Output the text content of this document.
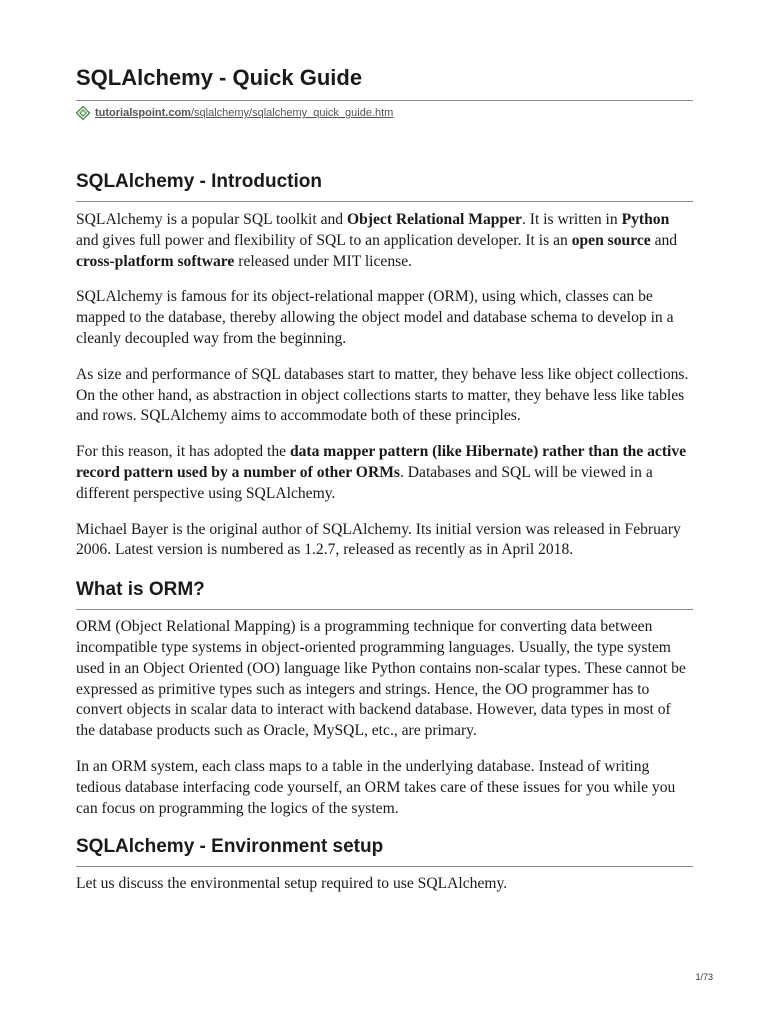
SQLAlchemy - Quick Guide
tutorialspoint.com /sqlalchemy/sqlalchemy_quick_guide.htm
SQLAlchemy - Introduction

SQLAlchemy is a popular SQL toolkit and Object Relational Mapper. It is written in Python and gives full power and flexibility of SQL to an application developer. It is an open source and cross-platform software released under MIT license.

SQLAlchemy is famous for its object-relational mapper (ORM), using which, classes can be mapped to the database, thereby allowing the object model and database schema to develop in a cleanly decoupled way from the beginning.

As size and performance of SQL databases start to matter, they behave less like object collections. On the other hand, as abstraction in object collections starts to matter, they behave less like tables and rows. SQLAlchemy aims to accommodate both of these principles.

For this reason, it has adopted the data mapper pattern (like Hibernate) rather than the active record pattern used by a number of other ORMs. Databases and SQL will be viewed in a different perspective using SQLAlchemy.

Michael Bayer is the original author of SQLAlchemy. Its initial version was released in February 2006. Latest version is numbered as 1.2.7, released as recently as in April 2018.

What is ORM?

ORM (Object Relational Mapping) is a programming technique for converting data between incompatible type systems in object-oriented programming languages. Usually, the type system used in an Object Oriented (OO) language like Python contains non-scalar types. These cannot be expressed as primitive types such as integers and strings. Hence, the OO programmer has to convert objects in scalar data to interact with backend database. However, data types in most of the database products such as Oracle, MySQL, etc., are primary.

In an ORM system, each class maps to a table in the underlying database. Instead of writing tedious database interfacing code yourself, an ORM takes care of these issues for you while you can focus on programming the logics of the system.

SQLAlchemy - Environment setup

Let us discuss the environmental setup required to use SQLAlchemy.

1/73
